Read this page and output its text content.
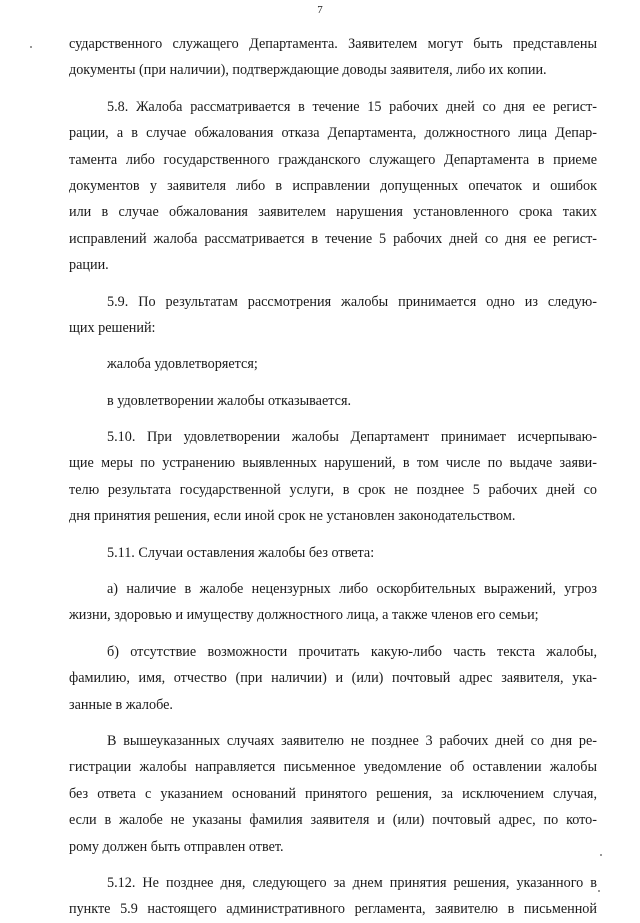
7
сударственного служащего Департамента. Заявителем могут быть представлены
документы (при наличии), подтверждающие доводы заявителя, либо их копии.
5.8. Жалоба рассматривается в течение 15 рабочих дней со дня ее регист-
рации, а в случае обжалования отказа Департамента, должностного лица Депар-
тамента либо государственного гражданского служащего Департамента в приеме
документов у заявителя либо в исправлении допущенных опечаток и ошибок
или в случае обжалования заявителем нарушения установленного срока таких
исправлений жалоба рассматривается в течение 5 рабочих дней со дня ее регист-
рации.
5.9. По результатам рассмотрения жалобы принимается одно из следую-
щих решений:
жалоба удовлетворяется;
в удовлетворении жалобы отказывается.
5.10. При удовлетворении жалобы Департамент принимает исчерпываю-
щие меры по устранению выявленных нарушений, в том числе по выдаче заяви-
телю результата государственной услуги, в срок не позднее 5 рабочих дней со
дня принятия решения, если иной срок не установлен законодательством.
5.11. Случаи оставления жалобы без ответа:
а) наличие в жалобе нецензурных либо оскорбительных выражений, угроз
жизни, здоровью и имуществу должностного лица, а также членов его семьи;
б) отсутствие возможности прочитать какую-либо часть текста жалобы,
фамилию, имя, отчество (при наличии) и (или) почтовый адрес заявителя, ука-
занные в жалобе.
В вышеуказанных случаях заявителю не позднее 3 рабочих дней со дня ре-
гистрации жалобы направляется письменное уведомление об оставлении жалобы
без ответа с указанием оснований принятого решения, за исключением случая,
если в жалобе не указаны фамилия заявителя и (или) почтовый адрес, по кото-
рому должен быть отправлен ответ.
5.12. Не позднее дня, следующего за днем принятия решения, указанного в
пункте 5.9 настоящего административного регламента, заявителю в письменной
